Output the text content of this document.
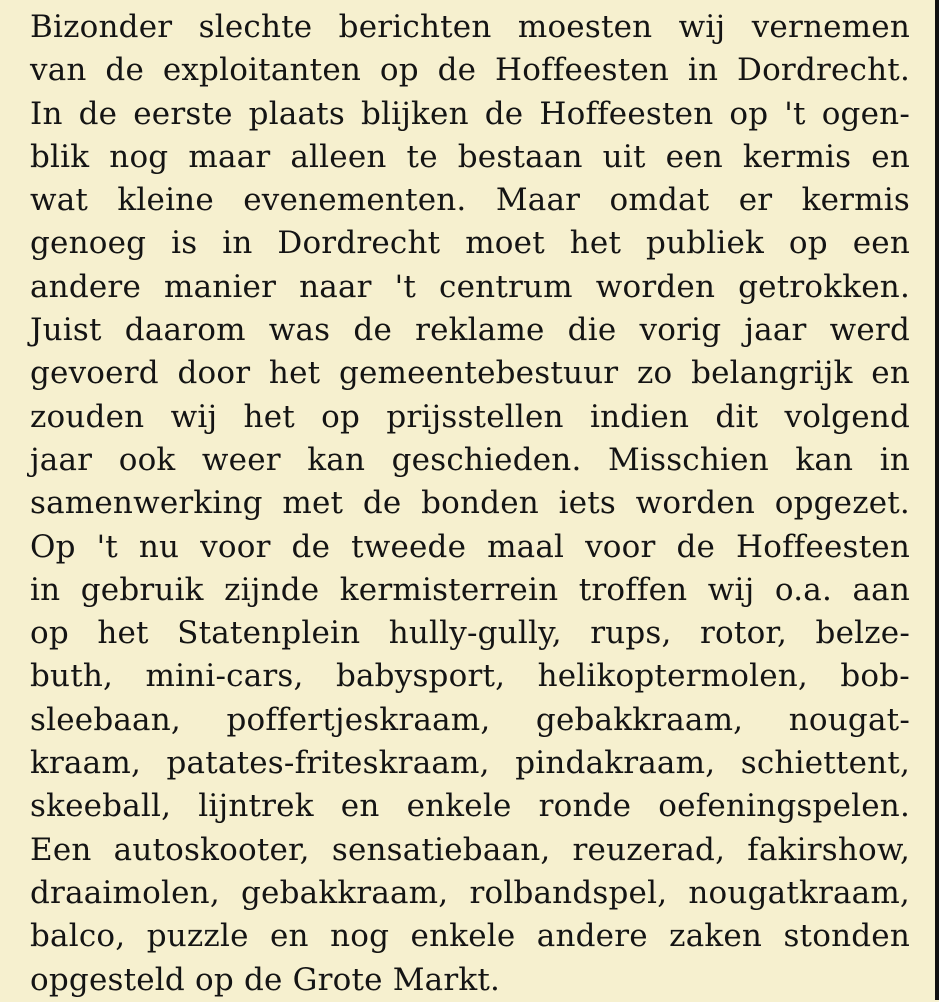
Bizonder slechte berichten moesten wij vernemen
van de exploitanten op de Hoffeesten in Dordrecht.
In de eerste plaats blijken de Hoffeesten op 't ogen-
blik nog maar alleen te bestaan uit een kermis en
wat kleine evenementen. Maar omdat er kermis
genoeg is in Dordrecht moet het publiek op een
andere manier naar 't centrum worden getrokken.
Juist daarom was de reklame die vorig jaar werd
gevoerd door het gemeentebestuur zo belangrijk en
zouden wij het op prijsstellen indien dit volgend
jaar ook weer kan geschieden. Misschien kan in
samenwerking met de bonden iets worden opgezet.
Op 't nu voor de tweede maal voor de Hoffeesten
in gebruik zijnde kermisterrein troffen wij o.a. aan
op het Statenplein hully-gully, rups, rotor, belze-
buth, mini-cars, babysport, helikoptermolen, bob-
sleebaan, poffertjeskraam, gebakkraam, nougat-
kraam, patates-friteskraam, pindakraam, schiettent,
skeeball, lijntrek en enkele ronde oefeningspelen.
Een autoskooter, sensatiebaan, reuzerad, fakirshow,
draaimolen, gebakkraam, rolbandspel, nougatkraam,
balco, puzzle en nog enkele andere zaken stonden
opgesteld op de Grote Markt.
